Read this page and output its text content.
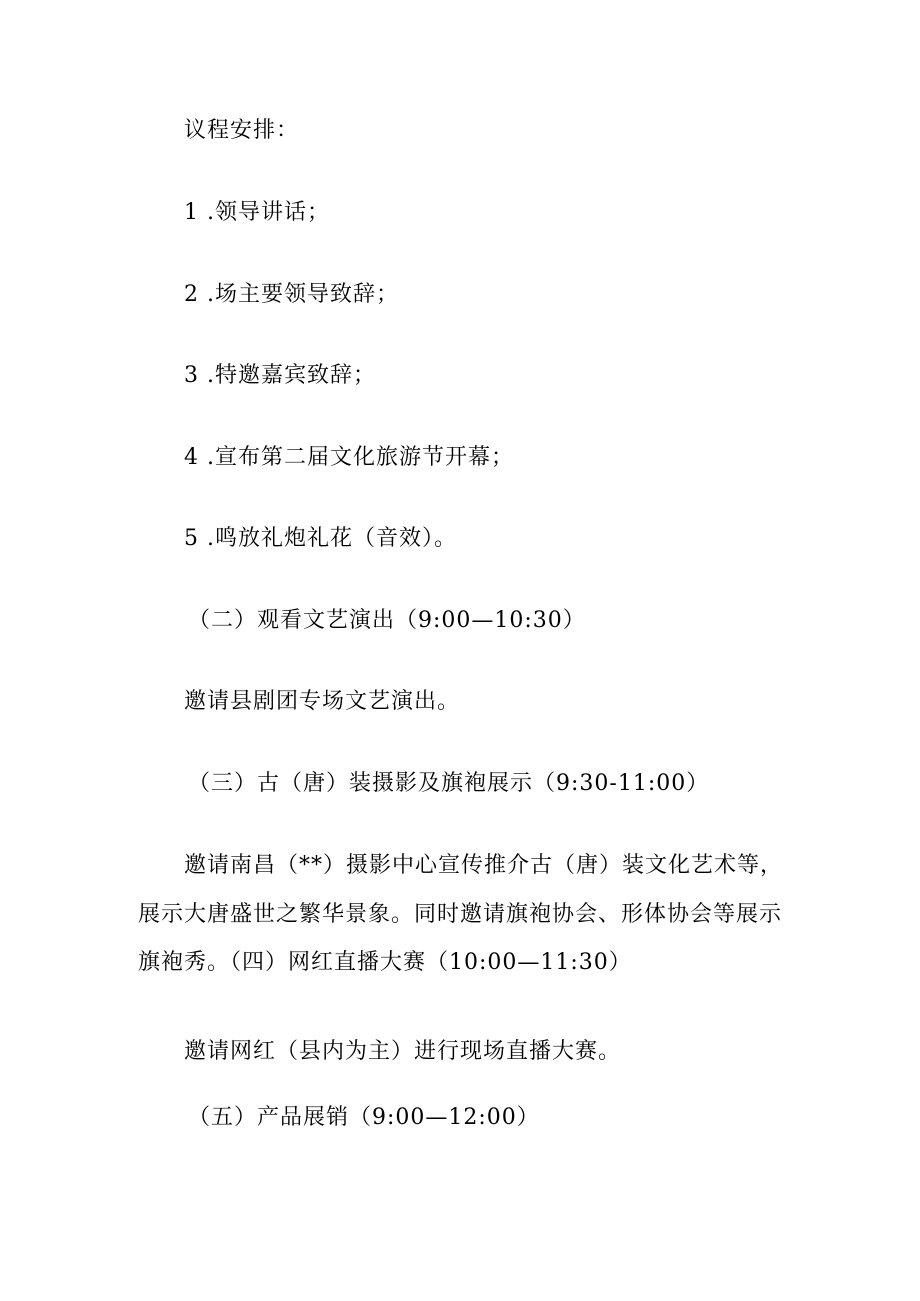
议程安排：
1 .领导讲话；
2 .场主要领导致辞；
3 .特邀嘉宾致辞；
4 .宣布第二届文化旅游节开幕；
5 .鸣放礼炮礼花（音效）。
（二）观看文艺演出（9:00—10:30）
邀请县剧团专场文艺演出。
（三）古（唐）装摄影及旗袍展示（9:30-11:00）
邀请南昌（**）摄影中心宣传推介古（唐）装文化艺术等，
展示大唐盛世之繁华景象。同时邀请旗袍协会、形体协会等展示
旗袍秀。（四）网红直播大赛（10:00—11:30）
邀请网红（县内为主）进行现场直播大赛。
（五）产品展销（9:00—12:00）
